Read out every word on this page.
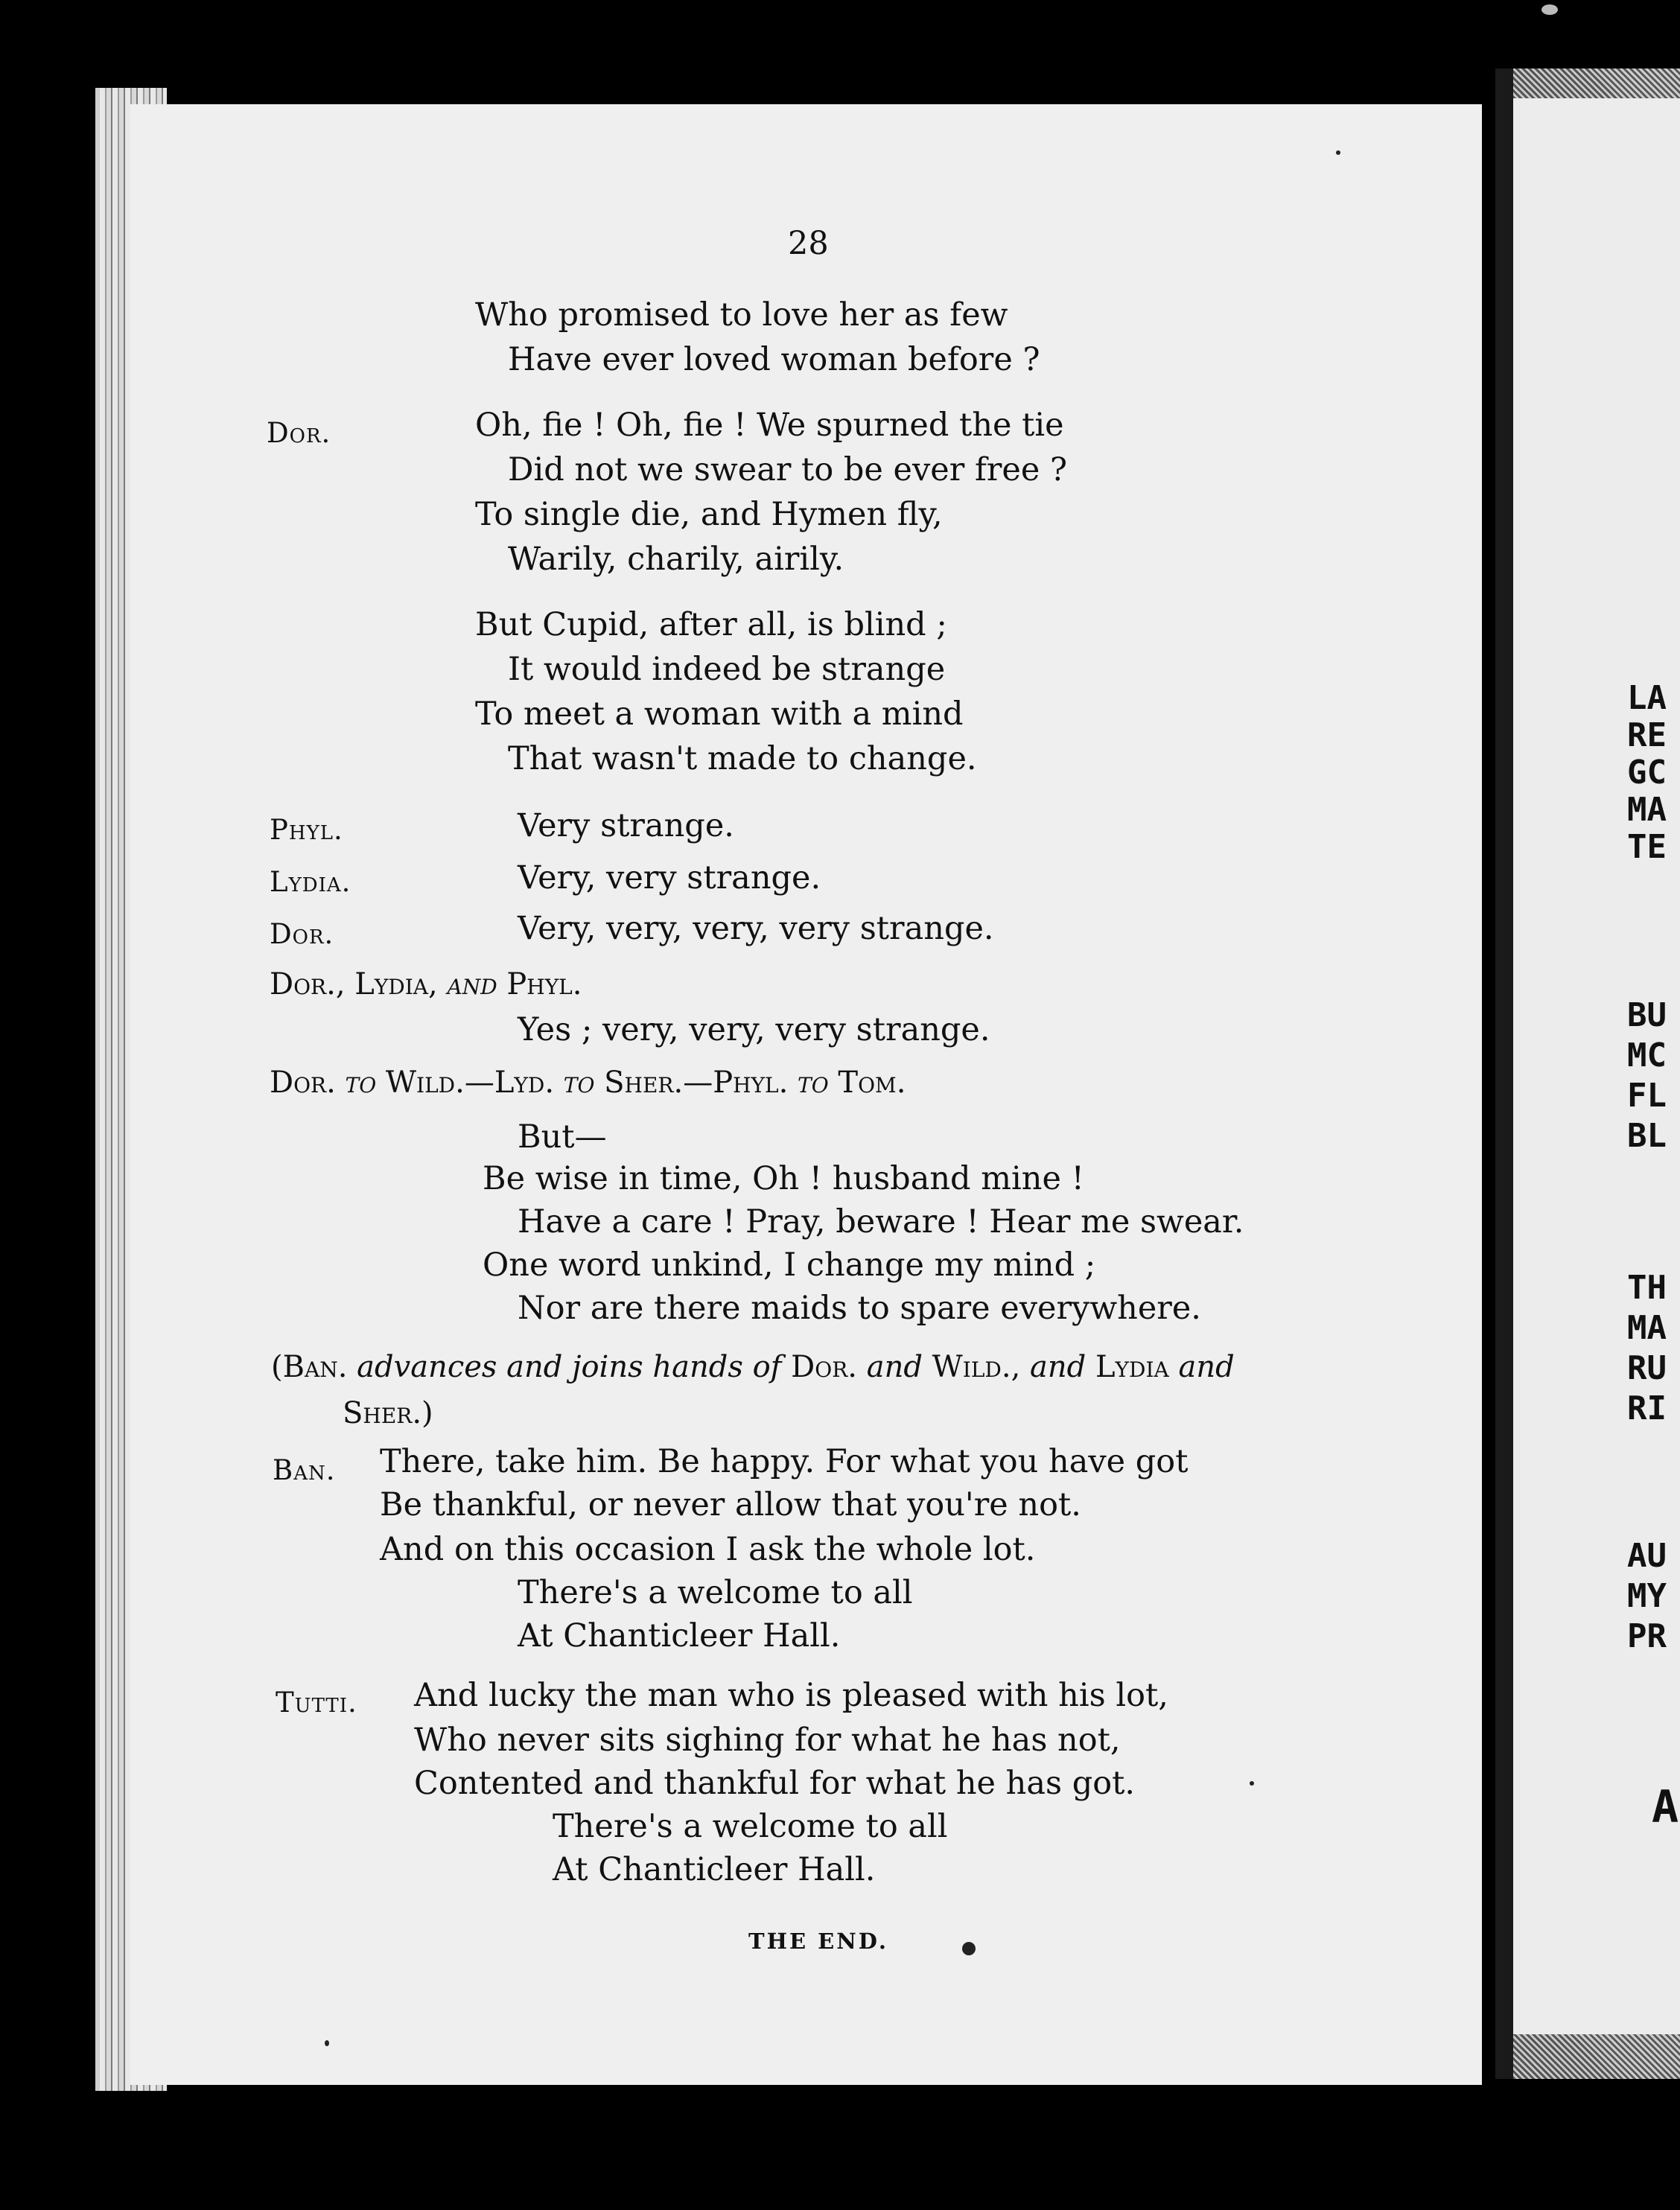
LA
RE
GC
MA
TE
BU
MC
FL
BL
TH
MA
RU
RI
AU
MY
PR
A
28
Who promised to love her as few
Have ever loved woman before ?
Dor.	Oh, fie ! Oh, fie ! We spurned the tie
Did not we swear to be ever free ?
To single die, and Hymen fly,
Warily, charily, airily.
But Cupid, after all, is blind ;
It would indeed be strange
To meet a woman with a mind
That wasn't made to change.
Phyl.	Very strange.
Lydia.	Very, very strange.
Dor.	Very, very, very, very strange.
Dor., Lydia, and Phyl.
Yes ; very, very, very strange.
Dor. to Wild.—Lyd. to Sher.—Phyl. to Tom.
But—
Be wise in time, Oh ! husband mine !
Have a care ! Pray, beware ! Hear me swear.
One word unkind, I change my mind ;
Nor are there maids to spare everywhere.
(Ban. advances and joins hands of Dor. and Wild., and Lydia and
Sher.)
Ban. There, take him. Be happy. For what you have got
Be thankful, or never allow that you're not.
And on this occasion I ask the whole lot.
There's a welcome to all
At Chanticleer Hall.
Tutti. And lucky the man who is pleased with his lot,
Who never sits sighing for what he has not,
Contented and thankful for what he has got.
There's a welcome to all
At Chanticleer Hall.
THE END.
